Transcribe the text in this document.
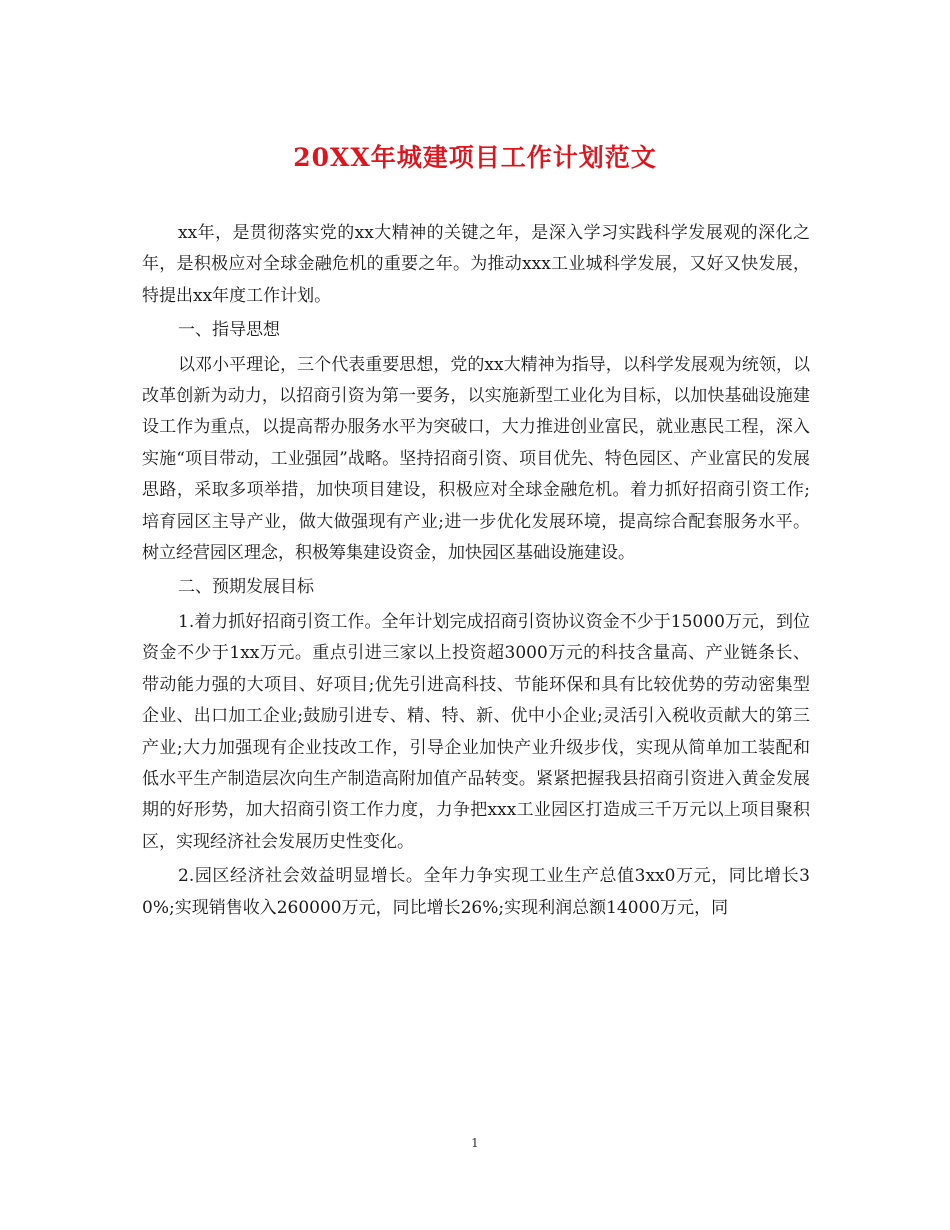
20XX年城建项目工作计划范文

xx年，是贯彻落实党的xx大精神的关键之年，是深入学习实践科学发展观的深化之年，是积极应对全球金融危机的重要之年。为推动xxx工业城科学发展，又好又快发展，特提出xx年度工作计划。

一、指导思想

以邓小平理论，三个代表重要思想，党的xx大精神为指导，以科学发展观为统领，以改革创新为动力，以招商引资为第一要务，以实施新型工业化为目标，以加快基础设施建设工作为重点，以提高帮办服务水平为突破口，大力推进创业富民，就业惠民工程，深入实施“项目带动，工业强园”战略。坚持招商引资、项目优先、特色园区、产业富民的发展思路，采取多项举措，加快项目建设，积极应对全球金融危机。着力抓好招商引资工作;培育园区主导产业，做大做强现有产业;进一步优化发展环境，提高综合配套服务水平。树立经营园区理念，积极筹集建设资金，加快园区基础设施建设。

二、预期发展目标

1.着力抓好招商引资工作。全年计划完成招商引资协议资金不少于15000万元，到位资金不少于1xx万元。重点引进三家以上投资超3000万元的科技含量高、产业链条长、带动能力强的大项目、好项目;优先引进高科技、节能环保和具有比较优势的劳动密集型企业、出口加工企业;鼓励引进专、精、特、新、优中小企业;灵活引入税收贡献大的第三产业;大力加强现有企业技改工作，引导企业加快产业升级步伐，实现从简单加工装配和低水平生产制造层次向生产制造高附加值产品转变。紧紧把握我县招商引资进入黄金发展期的好形势，加大招商引资工作力度，力争把xxx工业园区打造成三千万元以上项目聚积区，实现经济社会发展历史性变化。

2.园区经济社会效益明显增长。全年力争实现工业生产总值3xx0万元，同比增长30%;实现销售收入260000万元，同比增长26%;实现利润总额14000万元，同

1
